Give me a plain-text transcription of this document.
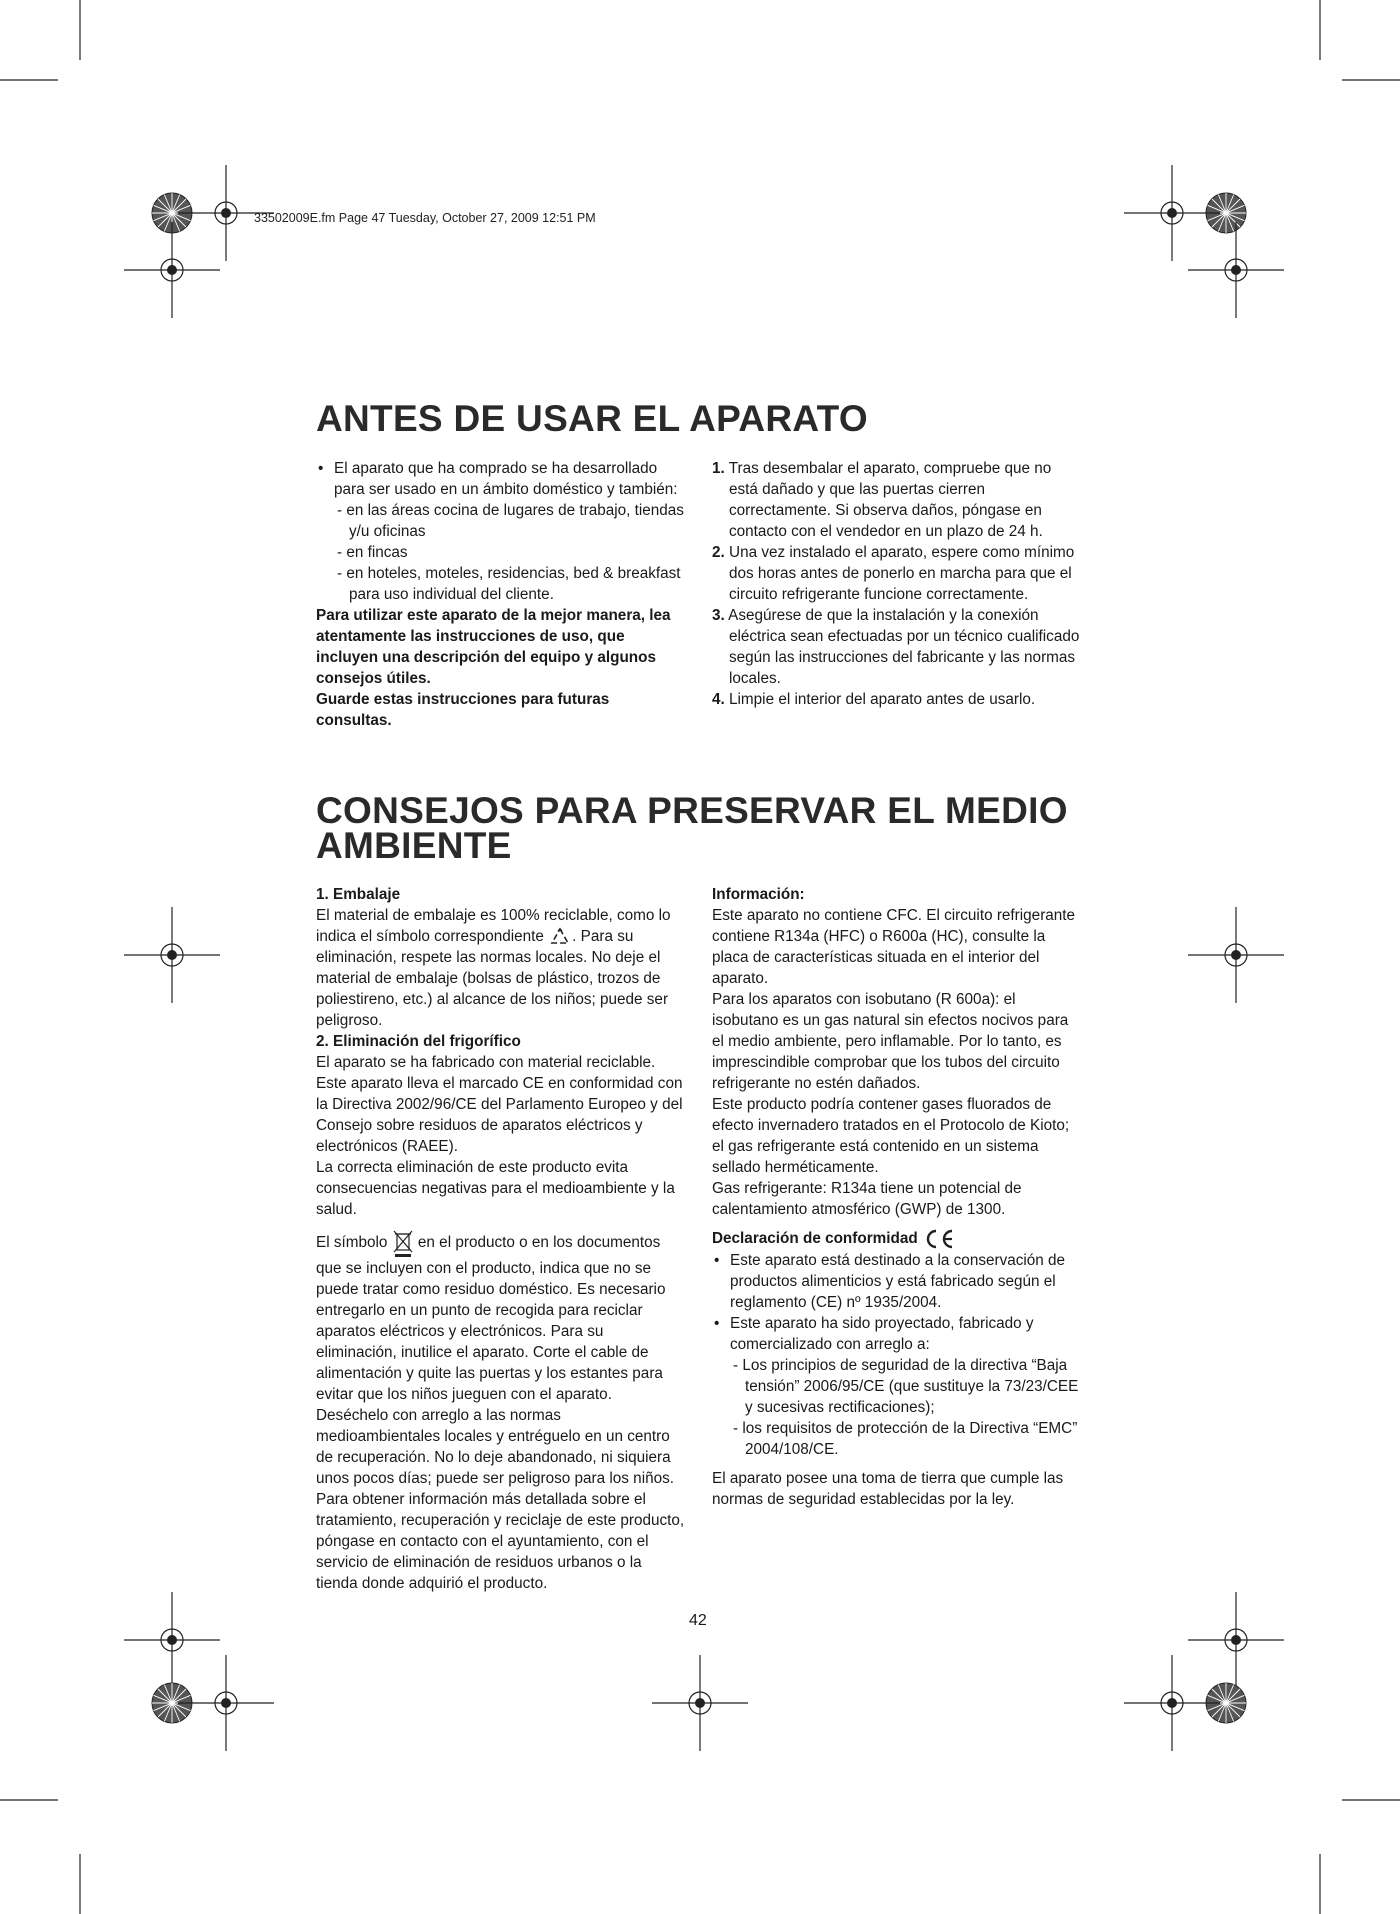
33502009E.fm Page 47 Tuesday, October 27, 2009 12:51 PM
ANTES DE USAR EL APARATO

• El aparato que ha comprado se ha desarrollado para ser usado en un ámbito doméstico y también:

- en las áreas cocina de lugares de trabajo, tiendas y/u oficinas

- en fincas

- en hoteles, moteles, residencias, bed & breakfast para uso individual del cliente.

Para utilizar este aparato de la mejor manera, lea atentamente las instrucciones de uso, que incluyen una descripción del equipo y algunos consejos útiles.

Guarde estas instrucciones para futuras consultas.

1. Tras desembalar el aparato, compruebe que no está dañado y que las puertas cierren correctamente. Si observa daños, póngase en contacto con el vendedor en un plazo de 24 h.

2. Una vez instalado el aparato, espere como mínimo dos horas antes de ponerlo en marcha para que el circuito refrigerante funcione correctamente.

3. Asegúrese de que la instalación y la conexión eléctrica sean efectuadas por un técnico cualificado según las instrucciones del fabricante y las normas locales.

4. Limpie el interior del aparato antes de usarlo.

CONSEJOS PARA PRESERVAR EL MEDIO AMBIENTE

1. Embalaje

El material de embalaje es 100% reciclable, como lo indica el símbolo correspondiente . Para su eliminación, respete las normas locales. No deje el material de embalaje (bolsas de plástico, trozos de poliestireno, etc.) al alcance de los niños; puede ser peligroso.

2. Eliminación del frigorífico

El aparato se ha fabricado con material reciclable.

Este aparato lleva el marcado CE en conformidad con la Directiva 2002/96/CE del Parlamento Europeo y del Consejo sobre residuos de aparatos eléctricos y electrónicos (RAEE).

La correcta eliminación de este producto evita consecuencias negativas para el medioambiente y la salud.

El símbolo en el producto o en los documentos que se incluyen con el producto, indica que no se puede tratar como residuo doméstico. Es necesario entregarlo en un punto de recogida para reciclar aparatos eléctricos y electrónicos. Para su eliminación, inutilice el aparato. Corte el cable de alimentación y quite las puertas y los estantes para evitar que los niños jueguen con el aparato.

Deséchelo con arreglo a las normas medioambientales locales y entréguelo en un centro de recuperación. No lo deje abandonado, ni siquiera unos pocos días; puede ser peligroso para los niños.

Para obtener información más detallada sobre el tratamiento, recuperación y reciclaje de este producto, póngase en contacto con el ayuntamiento, con el servicio de eliminación de residuos urbanos o la tienda donde adquirió el producto.

Información:

Este aparato no contiene CFC. El circuito refrigerante contiene R134a (HFC) o R600a (HC), consulte la placa de características situada en el interior del aparato.

Para los aparatos con isobutano (R 600a): el isobutano es un gas natural sin efectos nocivos para el medio ambiente, pero inflamable. Por lo tanto, es imprescindible comprobar que los tubos del circuito refrigerante no estén dañados.

Este producto podría contener gases fluorados de efecto invernadero tratados en el Protocolo de Kioto; el gas refrigerante está contenido en un sistema sellado herméticamente.

Gas refrigerante: R134a tiene un potencial de calentamiento atmosférico (GWP) de 1300.

Declaración de conformidad

• Este aparato está destinado a la conservación de productos alimenticios y está fabricado según el reglamento (CE) nº 1935/2004.

• Este aparato ha sido proyectado, fabricado y comercializado con arreglo a:

- Los principios de seguridad de la directiva “Baja tensión” 2006/95/CE (que sustituye la 73/23/CEE y sucesivas rectificaciones);

- los requisitos de protección de la Directiva “EMC” 2004/108/CE.

El aparato posee una toma de tierra que cumple las normas de seguridad establecidas por la ley.

42
